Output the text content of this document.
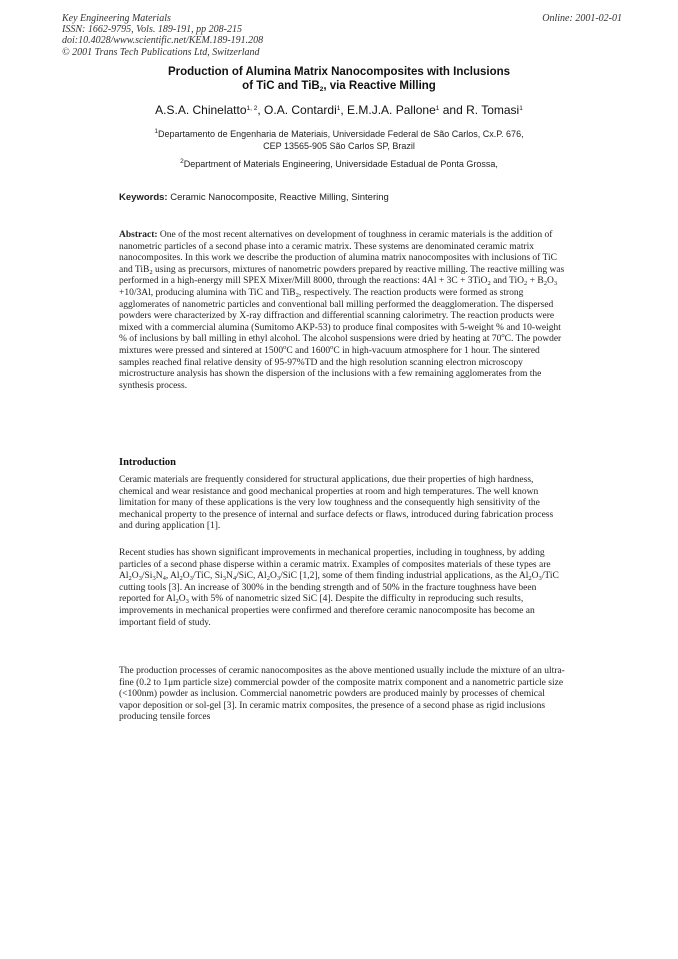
Key Engineering Materials
ISSN: 1662-9795, Vols. 189-191, pp 208-215
doi:10.4028/www.scientific.net/KEM.189-191.208
© 2001 Trans Tech Publications Ltd, Switzerland
Online: 2001-02-01
Production of Alumina Matrix Nanocomposites with Inclusions
of TiC and TiB$_2$, via Reactive Milling
A.S.A. Chinelatto$^{1, 2}$, O.A. Contardi$^1$, E.M.J.A. Pallone$^1$ and R. Tomasi$^1$
$^1$Departamento de Engenharia de Materiais, Universidade Federal de São Carlos, Cx.P. 676,
CEP 13565-905 São Carlos SP, Brazil
$^2$Department of Materials Engineering, Universidade Estadual de Ponta Grossa,
Keywords: Ceramic Nanocomposite, Reactive Milling, Sintering

Abstract: One of the most recent alternatives on development of toughness in ceramic materials is the addition of nanometric particles of a second phase into a ceramic matrix. These systems are denominated ceramic matrix nanocomposites. In this work we describe the production of alumina matrix nanocomposites with inclusions of TiC and TiB$_2$ using as precursors, mixtures of nanometric powders prepared by reactive milling. The reactive milling was performed in a high-energy mill SPEX Mixer/Mill 8000, through the reactions: 4Al + 3C + 3TiO$_2$ and $TiO_2 + B_2O_3 +10/3Al$, producing alumina with TiC and TiB$_2$, respectively. The reaction products were formed as strong agglomerates of nanometric particles and conventional ball milling performed the deagglomeration. The dispersed powders were characterized by X-ray diffraction and differential scanning calorimetry. The reaction products were mixed with a commercial alumina (Sumitomo AKP-53) to produce final composites with 5-weight % and 10-weight % of inclusions by ball milling in ethyl alcohol. The alcohol suspensions were dried by heating at 70$^o$C. The powder mixtures were pressed and sintered at 1500$^o$C and 1600$^o$C in high-vacuum atmosphere for 1 hour. The sintered samples reached final relative density of 95-97%TD and the high resolution scanning electron microscopy microstructure analysis has shown the dispersion of the inclusions with a few remaining agglomerates from the synthesis process.

Introduction

Ceramic materials are frequently considered for structural applications, due their properties of high hardness, chemical and wear resistance and good mechanical properties at room and high temperatures. The well known limitation for many of these applications is the very low toughness and the consequently high sensitivity of the mechanical property to the presence of internal and surface defects or flaws, introduced during fabrication process and during application [1].

Recent studies has shown significant improvements in mechanical properties, including in toughness, by adding particles of a second phase disperse within a ceramic matrix. Examples of composites materials of these types are $Al_2O_3/Si_3N_4$, $Al_2O_3$/TiC, $Si_3N_4$/SiC, $Al_2O_3$/SiC [1,2], some of them finding industrial applications, as the $Al_2O_3$/TiC cutting tools [3]. An increase of 300% in the bending strength and of 50% in the fracture toughness have been reported for $Al_2O_3$ with 5% of nanometric sized SiC [4]. Despite the difficulty in reproducing such results, improvements in mechanical properties were confirmed and therefore ceramic nanocomposite has become an important field of study.

The production processes of ceramic nanocomposites as the above mentioned usually include the mixture of an ultra-fine (0.2 to 1μm particle size) commercial powder of the composite matrix component and a nanometric particle size (<100nm) powder as inclusion. Commercial nanometric powders are produced mainly by processes of chemical vapor deposition or sol-gel [3]. In ceramic matrix composites, the presence of a second phase as rigid inclusions producing tensile forces
